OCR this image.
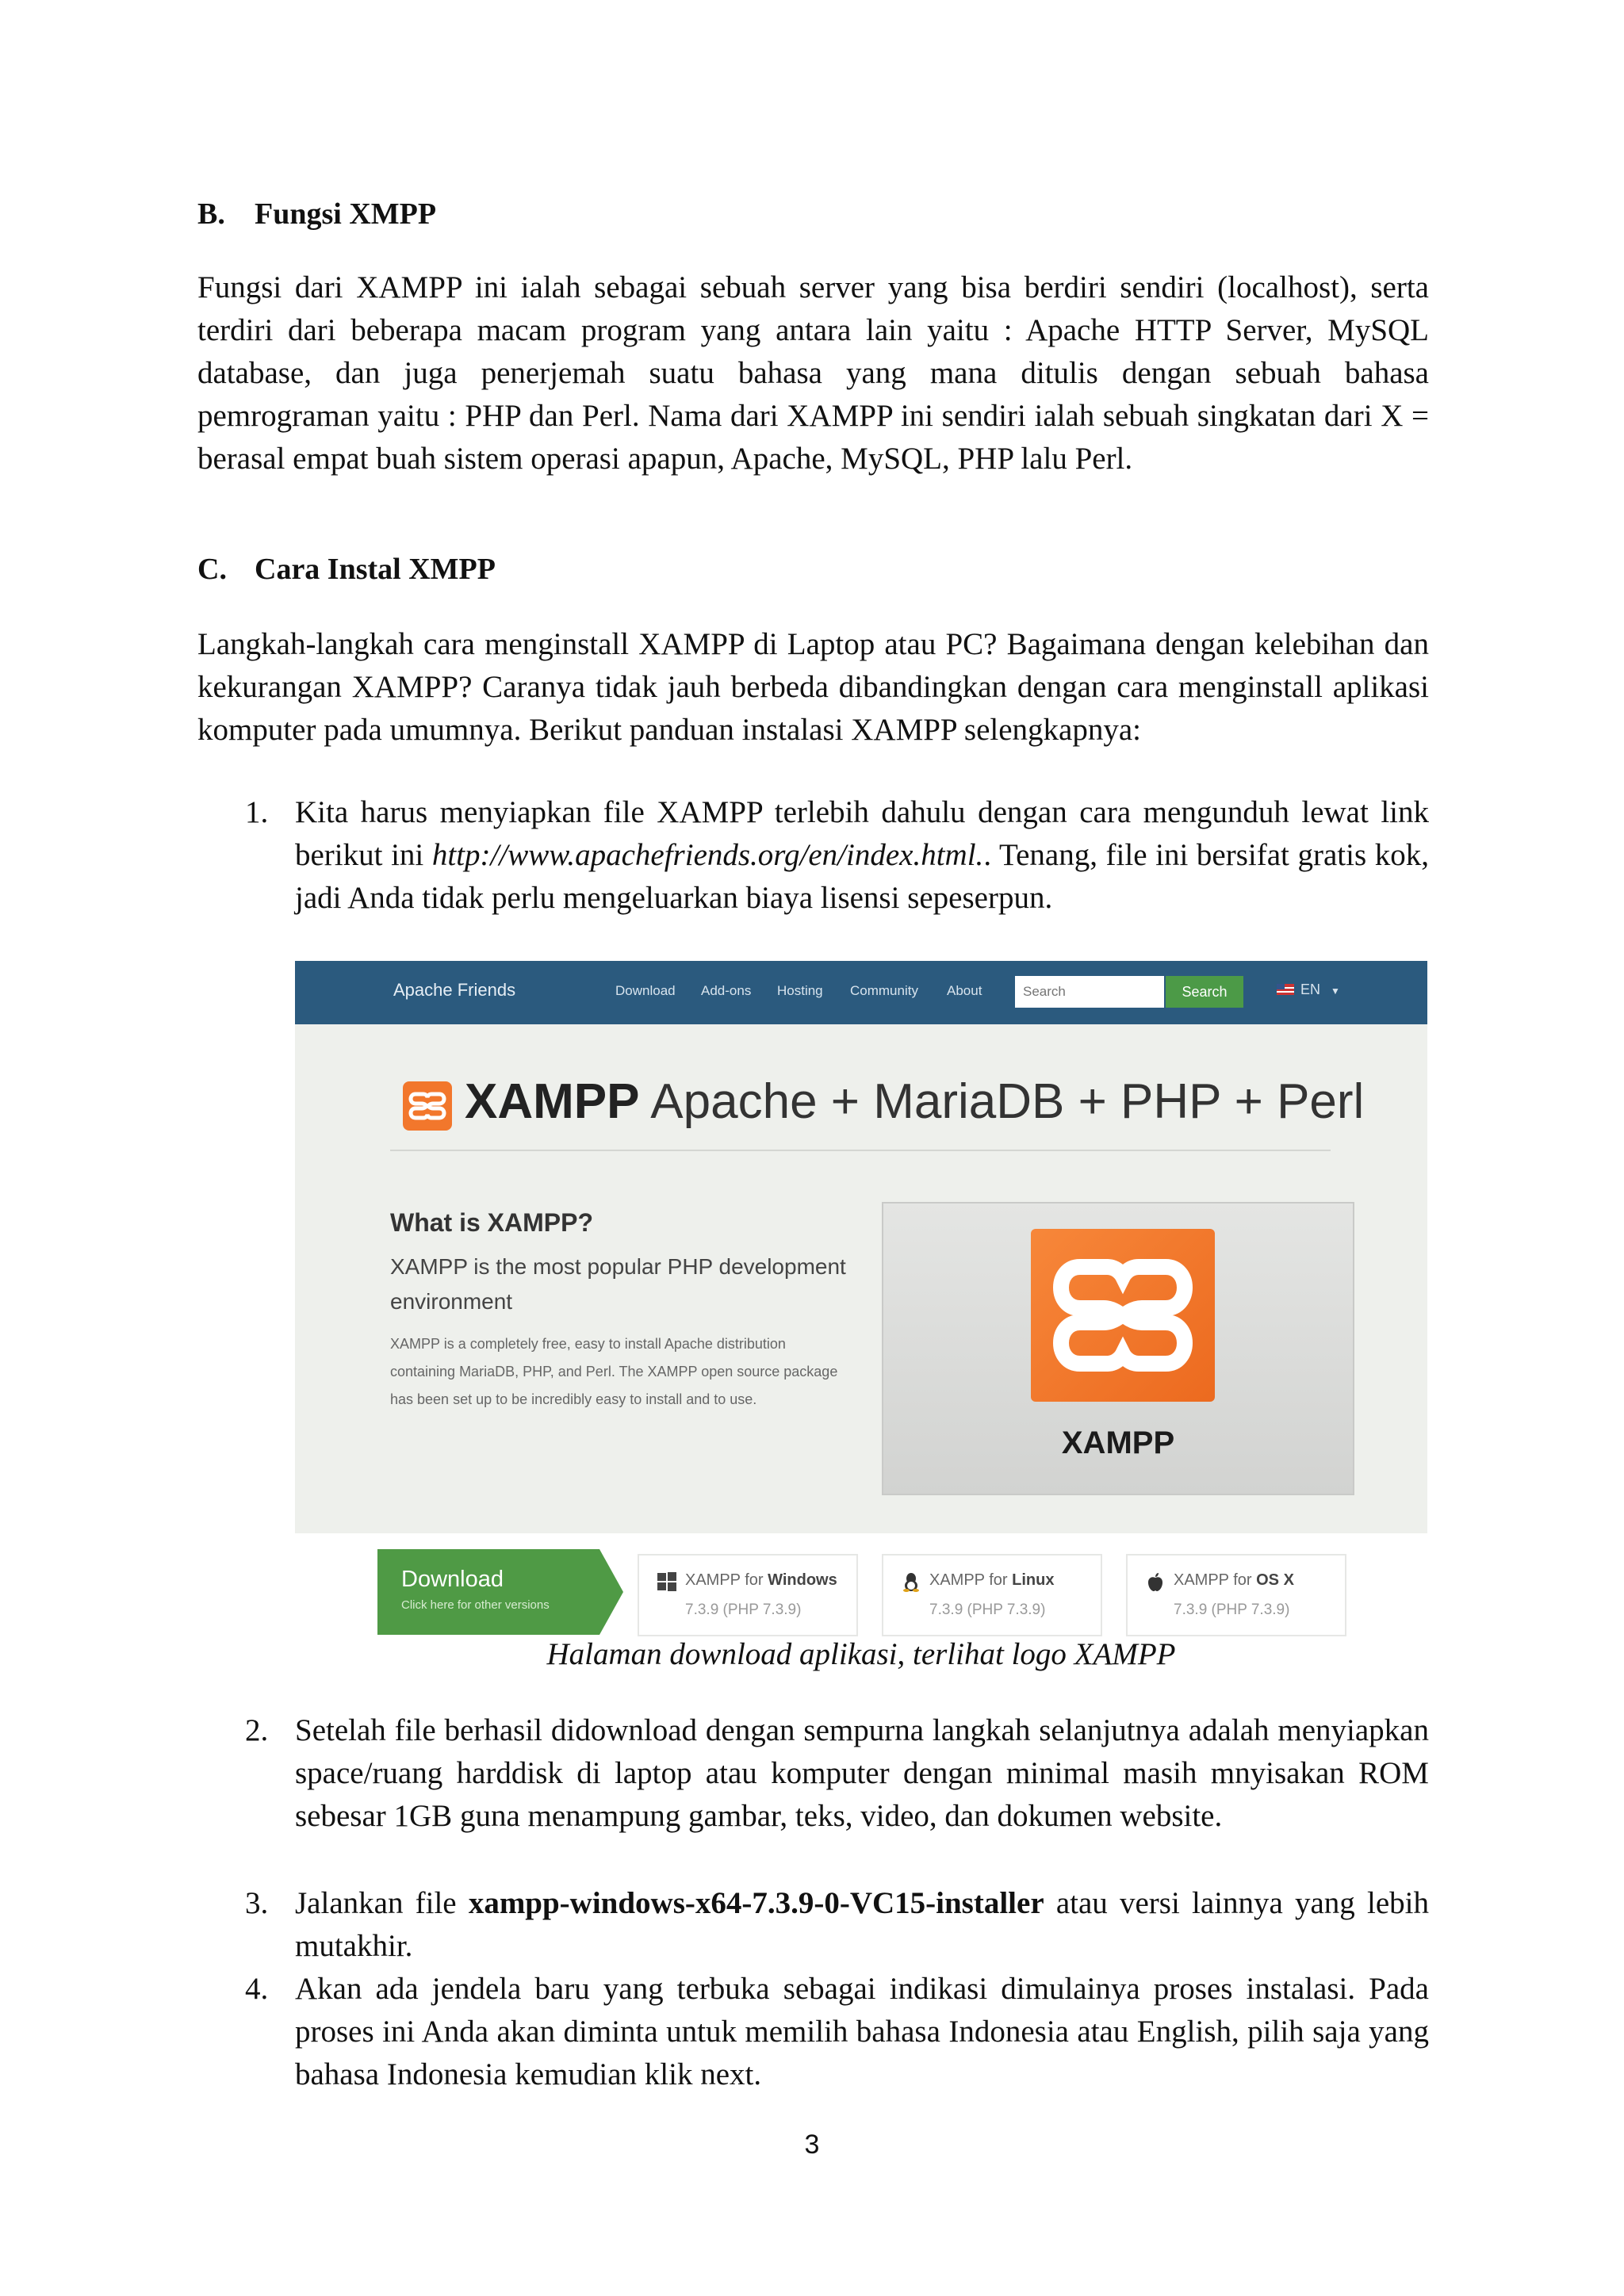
B. Fungsi XMPP
Fungsi dari XAMPP ini ialah sebagai sebuah server yang bisa berdiri sendiri (localhost), serta terdiri dari beberapa macam program yang antara lain yaitu : Apache HTTP Server, MySQL database, dan juga penerjemah suatu bahasa yang mana ditulis dengan sebuah bahasa pemrograman yaitu : PHP dan Perl. Nama dari XAMPP ini sendiri ialah sebuah singkatan dari X = berasal empat buah sistem operasi apapun, Apache, MySQL, PHP lalu Perl.
C. Cara Instal XMPP
Langkah-langkah cara menginstall XAMPP di Laptop atau PC? Bagaimana dengan kelebihan dan kekurangan XAMPP? Caranya tidak jauh berbeda dibandingkan dengan cara menginstall aplikasi komputer pada umumnya. Berikut panduan instalasi XAMPP selengkapnya:
1. Kita harus menyiapkan file XAMPP terlebih dahulu dengan cara mengunduh lewat link berikut ini http://www.apachefriends.org/en/index.html.. Tenang, file ini bersifat gratis kok, jadi Anda tidak perlu mengeluarkan biaya lisensi sepeserpun.
Apache Friends	Download Add-ons Hosting Community About
Search	Search	EN ▼
XAMPP Apache + MariaDB + PHP + Perl
What is XAMPP?
XAMPP is the most popular PHP development environment
XAMPP is a completely free, easy to install Apache distribution containing MariaDB, PHP, and Perl. The XAMPP open source package has been set up to be incredibly easy to install and to use.
XAMPP
Download
Click here for other versions
XAMPP for Windows
7.3.9 (PHP 7.3.9)
XAMPP for Linux
7.3.9 (PHP 7.3.9)
XAMPP for OS X
7.3.9 (PHP 7.3.9)
Halaman download aplikasi, terlihat logo XAMPP
2. Setelah file berhasil didownload dengan sempurna langkah selanjutnya adalah menyiapkan space/ruang harddisk di laptop atau komputer dengan minimal masih mnyisakan ROM sebesar 1GB guna menampung gambar, teks, video, dan dokumen website.
3. Jalankan file xampp-windows-x64-7.3.9-0-VC15-installer atau versi lainnya yang lebih mutakhir.
4. Akan ada jendela baru yang terbuka sebagai indikasi dimulainya proses instalasi. Pada proses ini Anda akan diminta untuk memilih bahasa Indonesia atau English, pilih saja yang bahasa Indonesia kemudian klik next.
3
